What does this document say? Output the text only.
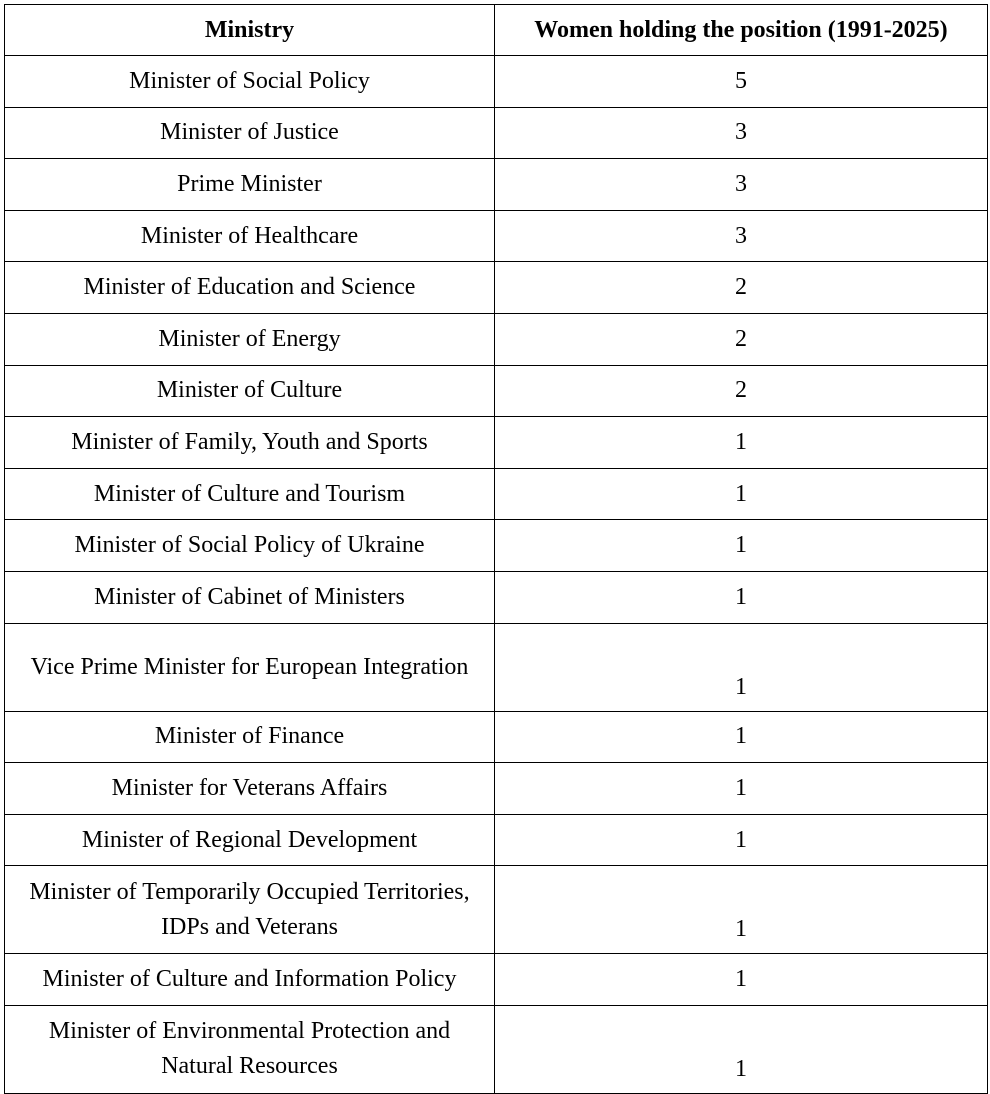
Ministry	Women holding the position (1991-2025)
Minister of Social Policy	5
Minister of Justice	3
Prime Minister	3
Minister of Healthcare	3
Minister of Education and Science	2
Minister of Energy	2
Minister of Culture	2
Minister of Family, Youth and Sports	1
Minister of Culture and Tourism	1
Minister of Social Policy of Ukraine	1
Minister of Cabinet of Ministers	1
Vice Prime Minister for European Integration	1
Minister of Finance	1
Minister for Veterans Affairs	1
Minister of Regional Development	1
Minister of Temporarily Occupied Territories, IDPs and Veterans	1
Minister of Culture and Information Policy	1
Minister of Environmental Protection and Natural Resources	1
